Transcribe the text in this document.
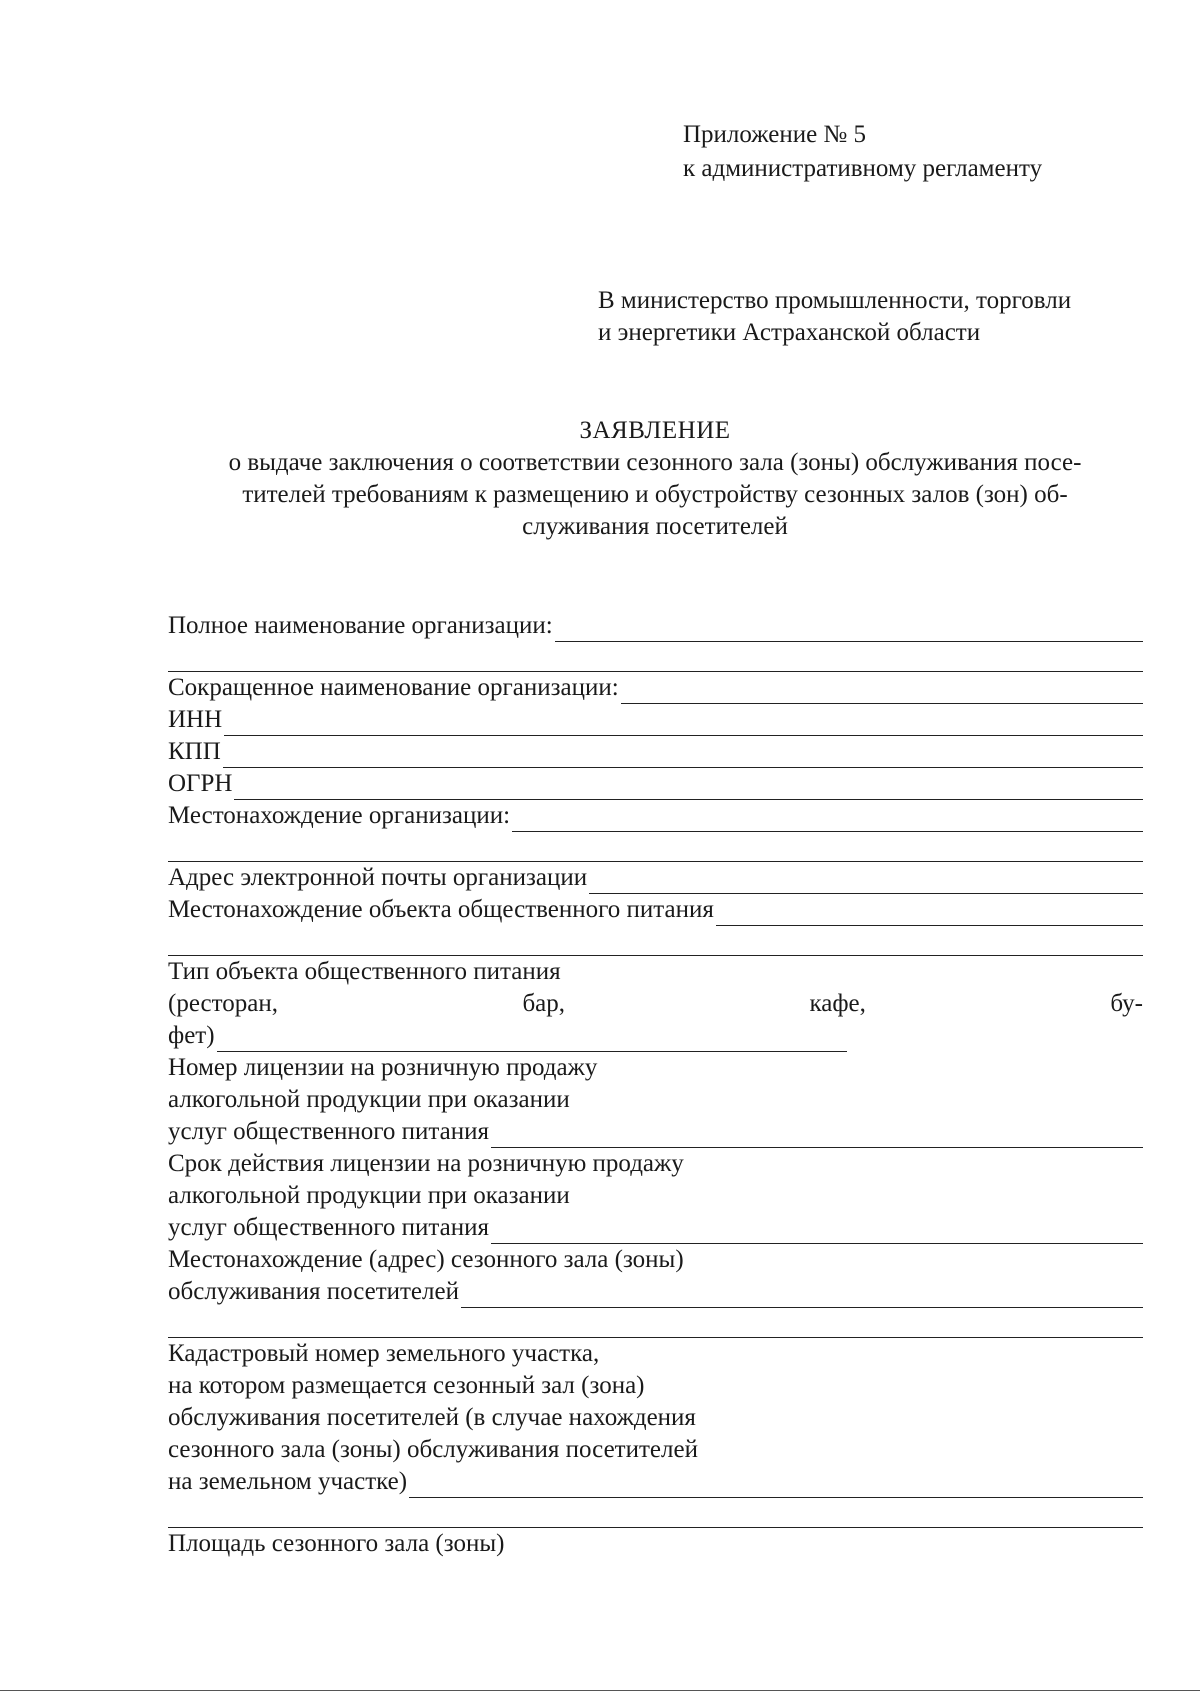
Приложение № 5
к административному регламенту
В министерство промышленности, торговли
и энергетики Астраханской области
ЗАЯВЛЕНИЕ
о выдаче заключения о соответствии сезонного зала (зоны) обслуживания посе-
тителей требованиям к размещению и обустройству сезонных залов (зон) об-
служивания посетителей
Полное наименование организации:
Сокращенное наименование организации:
ИНН
КПП
ОГРН
Местонахождение организации:
Адрес электронной почты организации
Местонахождение объекта общественного питания
Тип объекта общественного питания
(ресторан,	бар,	кафе,	бу-
фет)
Номер лицензии на розничную продажу
алкогольной продукции при оказании
услуг общественного питания
Срок действия лицензии на розничную продажу
алкогольной продукции при оказании
услуг общественного питания
Местонахождение (адрес) сезонного зала (зоны)
обслуживания посетителей
Кадастровый номер земельного участка,
на котором размещается сезонный зал (зона)
обслуживания посетителей (в случае нахождения
сезонного зала (зоны) обслуживания посетителей
на земельном участке)
Площадь сезонного зала (зоны)
